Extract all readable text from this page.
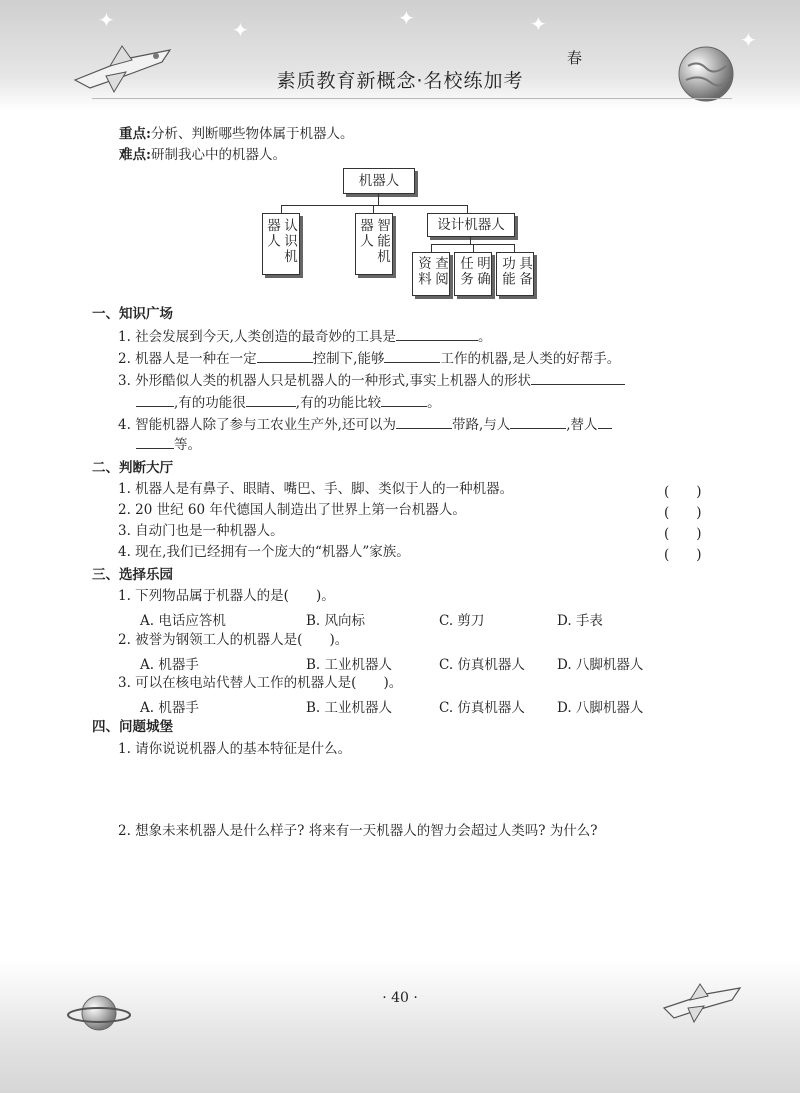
✦	✦	✦	✦
✦
春
素质教育新概念·名校练加考
重点:分析、判断哪些物体属于机器人。
难点:研制我心中的机器人。
机器人
认识机器人	智能机器人	设计机器人
查阅资料	明确任务	具备功能
一、知识广场
1. 社会发展到今天,人类创造的最奇妙的工具是	。
2. 机器人是一种在一定	控制下,能够	工作的机器,是人类的好帮手。
3. 外形酷似人类的机器人只是机器人的一种形式,事实上机器人的形状
,有的功能很	,有的功能比较	。
4. 智能机器人除了参与工农业生产外,还可以为	带路,与人	,替人
等。
二、判断大厅
1. 机器人是有鼻子、眼睛、嘴巴、手、脚、类似于人的一种机器。	(　　)
2. 20 世纪 60 年代德国人制造出了世界上第一台机器人。	(　　)
3. 自动门也是一种机器人。	(　　)
4. 现在,我们已经拥有一个庞大的“机器人”家族。	(　　)
三、选择乐园
1. 下列物品属于机器人的是(　　)。
A. 电话应答机	B. 风向标	C. 剪刀	D. 手表
2. 被誉为钢领工人的机器人是(　　)。
A. 机器手	B. 工业机器人	C. 仿真机器人 D. 八脚机器人
3. 可以在核电站代替人工作的机器人是(　　)。
A. 机器手	B. 工业机器人	C. 仿真机器人 D. 八脚机器人
四、问题城堡
1. 请你说说机器人的基本特征是什么。
2. 想象未来机器人是什么样子? 将来有一天机器人的智力会超过人类吗? 为什么?
· 40 ·
